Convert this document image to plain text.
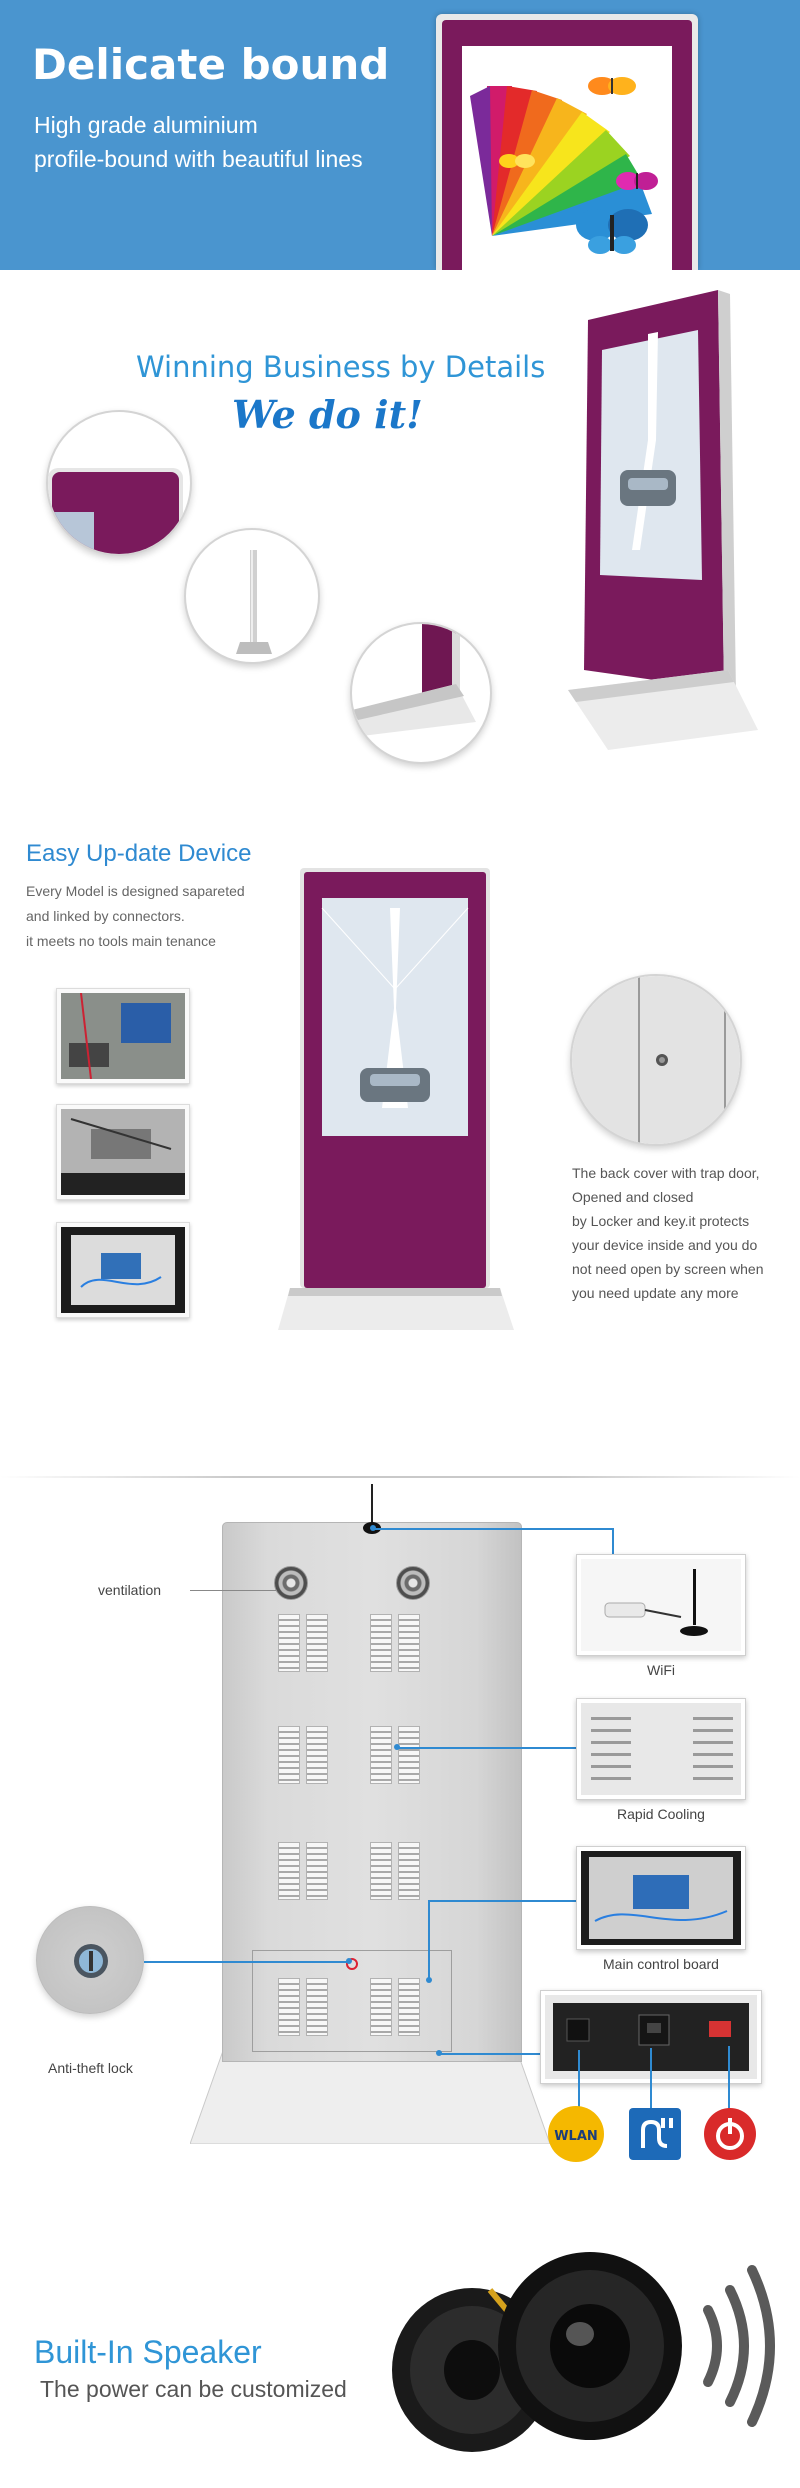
Delicate bound
High grade aluminium
profile-bound with beautiful lines
Winning Business by Details
We do it!
Easy Up-date Device
Every Model is designed sapareted
and linked by connectors.
it meets no tools main tenance
The back cover with trap door,
Opened and closed
by Locker and key.it protects
your device inside and you do
not need open by screen when
you need update any more
ventilation
Anti-theft lock
WiFi
Rapid Cooling
Main control board
WLAN
Built-In Speaker
The power can be customized
